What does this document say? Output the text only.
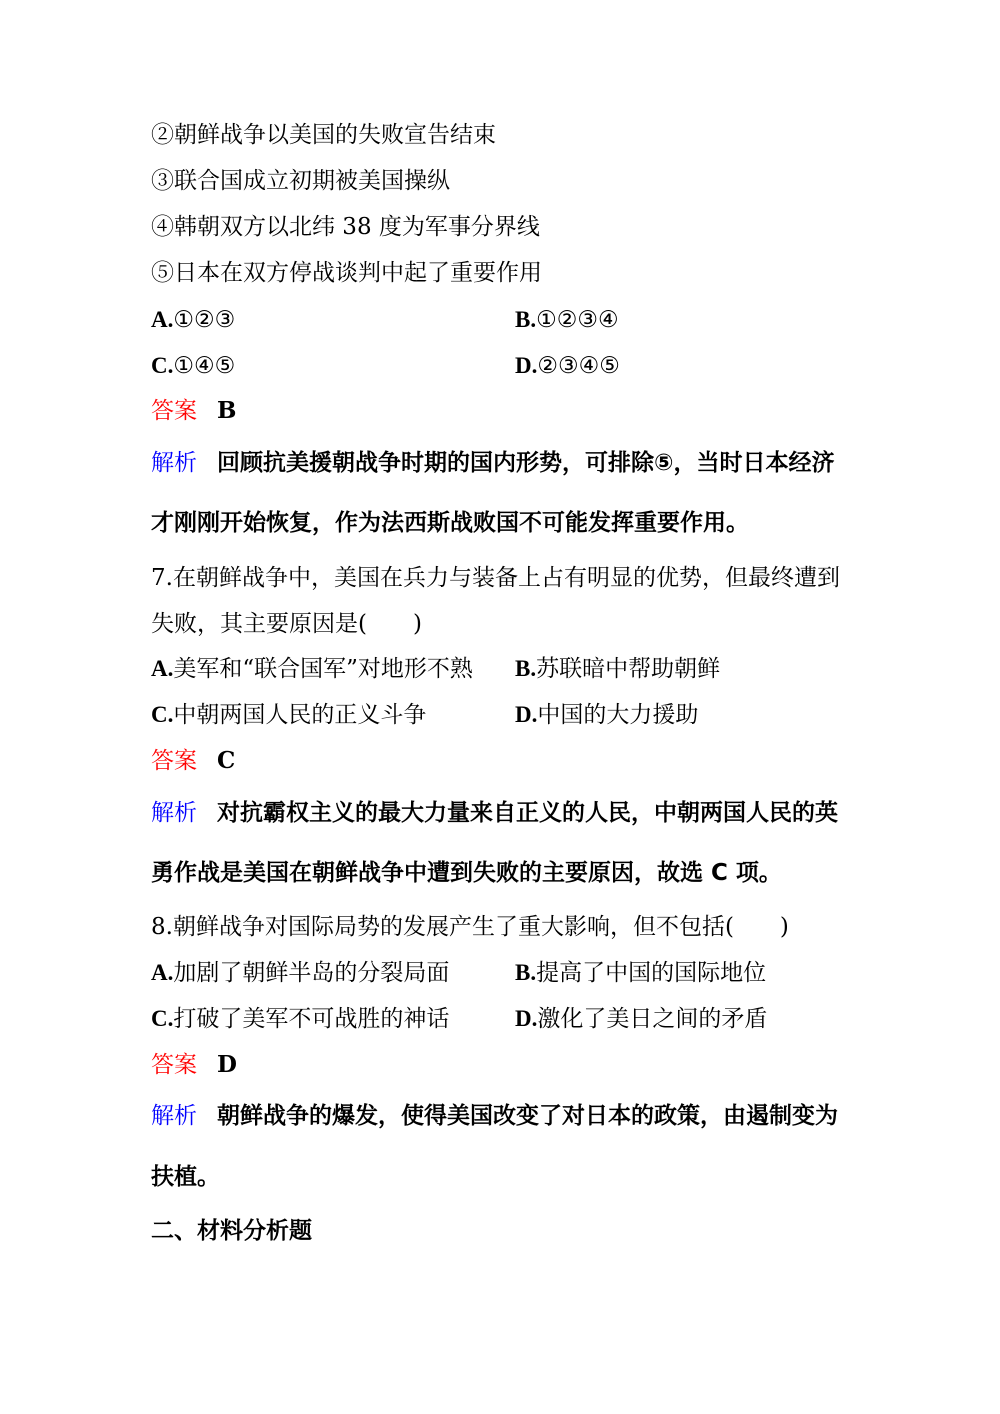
②朝鲜战争以美国的失败宣告结束
③联合国成立初期被美国操纵
④韩朝双方以北纬 38 度为军事分界线
⑤日本在双方停战谈判中起了重要作用
A.①②③	B.①②③④
C.①④⑤	D.②③④⑤
答案 B
解析 回顾抗美援朝战争时期的国内形势，可排除⑤，当时日本经济
才刚刚开始恢复，作为法西斯战败国不可能发挥重要作用。
7.在朝鲜战争中，美国在兵力与装备上占有明显的优势，但最终遭到
失败，其主要原因是(　　)
A.美军和“联合国军”对地形不熟 B.苏联暗中帮助朝鲜
C.中朝两国人民的正义斗争	D.中国的大力援助
答案 C
解析 对抗霸权主义的最大力量来自正义的人民，中朝两国人民的英
勇作战是美国在朝鲜战争中遭到失败的主要原因，故选 C 项。
8.朝鲜战争对国际局势的发展产生了重大影响，但不包括(　　)
A.加剧了朝鲜半岛的分裂局面	B.提高了中国的国际地位
C.打破了美军不可战胜的神话	D.激化了美日之间的矛盾
答案 D
解析 朝鲜战争的爆发，使得美国改变了对日本的政策，由遏制变为
扶植。
二、材料分析题
